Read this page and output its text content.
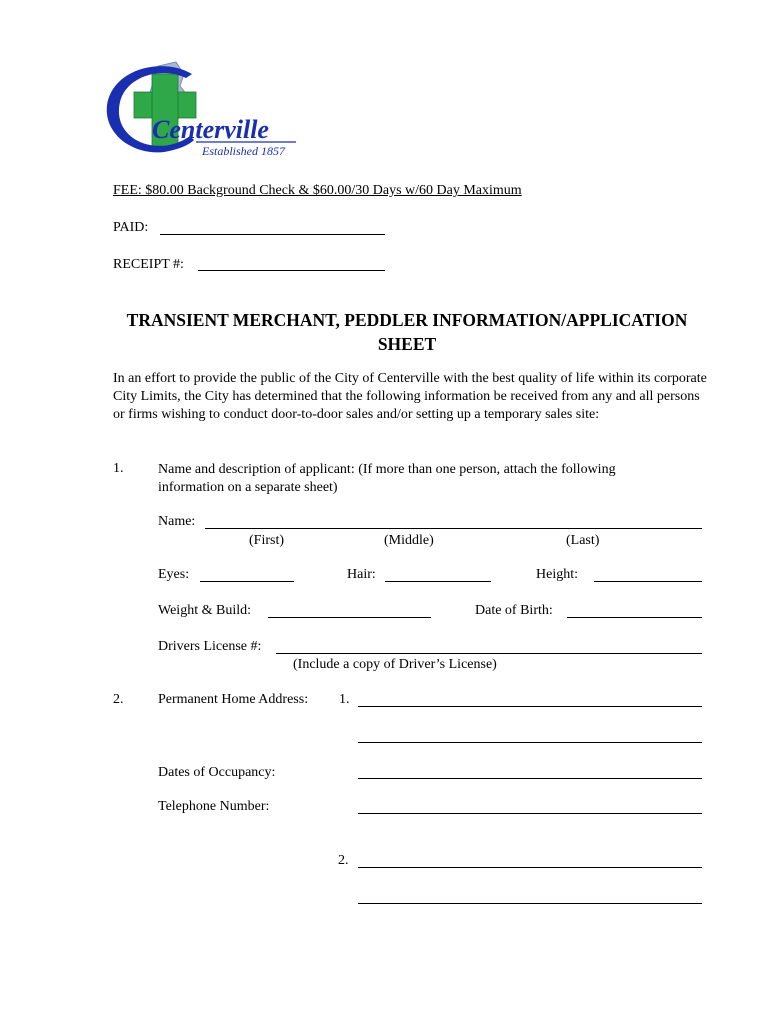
Centerville
Established 1857
FEE: $80.00 Background Check & $60.00/30 Days w/60 Day Maximum
PAID:
RECEIPT #:
TRANSIENT MERCHANT, PEDDLER INFORMATION/APPLICATION SHEET
In an effort to provide the public of the City of Centerville with the best quality of life within its corporate City Limits, the City has determined that the following information be received from any and all persons or firms wishing to conduct door-to-door sales and/or setting up a temporary sales site:
1. Name and description of applicant: (If more than one person, attach the following information on a separate sheet)
Name:
(First)	(Middle)	(Last)
Eyes:	Hair:	Height:
Weight & Build:	Date of Birth:
Drivers License #:
(Include a copy of Driver’s License)
2. Permanent Home Address: 1.
Dates of Occupancy:
Telephone Number:
2.
